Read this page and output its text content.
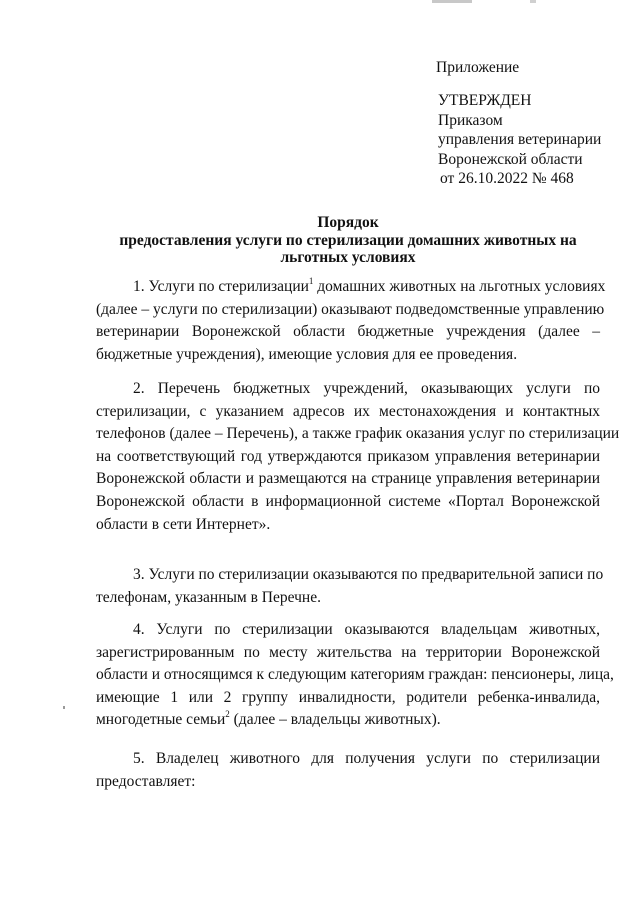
Приложение
УТВЕРЖДЕН
Приказом
управления ветеринарии
Воронежской области
от 26.10.2022 № 468
Порядок
предоставления услуги по стерилизации домашних животных на
льготных условиях
1. Услуги по стерилизации$^1$ домашних животных на льготных условиях
(далее – услуги по стерилизации) оказывают подведомственные управлению
ветеринарии Воронежской области бюджетные учреждения (далее –
бюджетные учреждения), имеющие условия для ее проведения.
2. Перечень бюджетных учреждений, оказывающих услуги по
стерилизации, с указанием адресов их местонахождения и контактных
телефонов (далее – Перечень), а также график оказания услуг по стерилизации
на соответствующий год утверждаются приказом управления ветеринарии
Воронежской области и размещаются на странице управления ветеринарии
Воронежской области в информационной системе «Портал Воронежской
области в сети Интернет».
3. Услуги по стерилизации оказываются по предварительной записи по
телефонам, указанным в Перечне.
4. Услуги по стерилизации оказываются владельцам животных,
зарегистрированным по месту жительства на территории Воронежской
области и относящимся к следующим категориям граждан: пенсионеры, лица,
имеющие 1 или 2 группу инвалидности, родители ребенка-инвалида,
многодетные семьи$^2$ (далее – владельцы животных).
5. Владелец животного для получения услуги по стерилизации
предоставляет:
